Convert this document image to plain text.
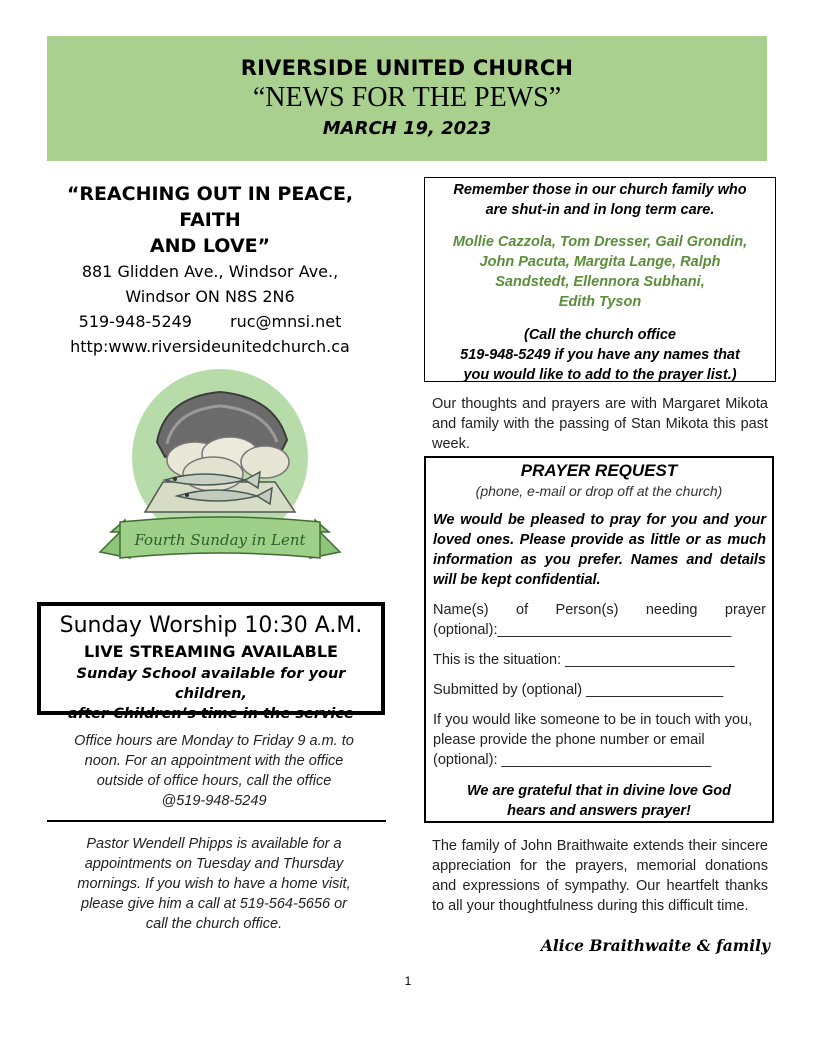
RIVERSIDE UNITED CHURCH
“NEWS FOR THE PEWS”
MARCH 19, 2023
“REACHING OUT IN PEACE, FAITH
AND LOVE”
881 Glidden Ave., Windsor Ave.,
Windsor ON N8S 2N6
519-948-5249 ruc@mnsi.net
http:www.riversideunitedchurch.ca
Fourth Sunday in Lent
Sunday Worship 10:30 A.M.
LIVE STREAMING AVAILABLE
Sunday School available for your children,
after Children’s time in the service
Office hours are Monday to Friday 9 a.m. to
noon. For an appointment with the office
outside of office hours, call the office
@519-948-5249
Pastor Wendell Phipps is available for a
appointments on Tuesday and Thursday
mornings. If you wish to have a home visit,
please give him a call at 519-564-5656 or
call the church office.
Remember those in our church family who
are shut-in and in long term care.
Mollie Cazzola, Tom Dresser, Gail Grondin,
John Pacuta, Margita Lange, Ralph
Sandstedt, Ellennora Subhani,
Edith Tyson
(Call the church office
519-948-5249 if you have any names that
you would like to add to the prayer list.)
Our thoughts and prayers are with Margaret Mikota and family with the passing of Stan Mikota this past week.
PRAYER REQUEST
(phone, e-mail or drop off at the church)
We would be pleased to pray for you and your loved ones. Please provide as little or as much information as you prefer. Names and details will be kept confidential.
Name(s) of Person(s) needing prayer (optional):_____________________________
This is the situation: _____________________
Submitted by (optional) _________________
If you would like someone to be in touch with you, please provide the phone number or email (optional): __________________________
We are grateful that in divine love God
hears and answers prayer!
The family of John Braithwaite extends their sincere appreciation for the prayers, memorial donations and expressions of sympathy. Our heartfelt thanks to all your thoughtfulness during this difficult time.
Alice Braithwaite & family
1
